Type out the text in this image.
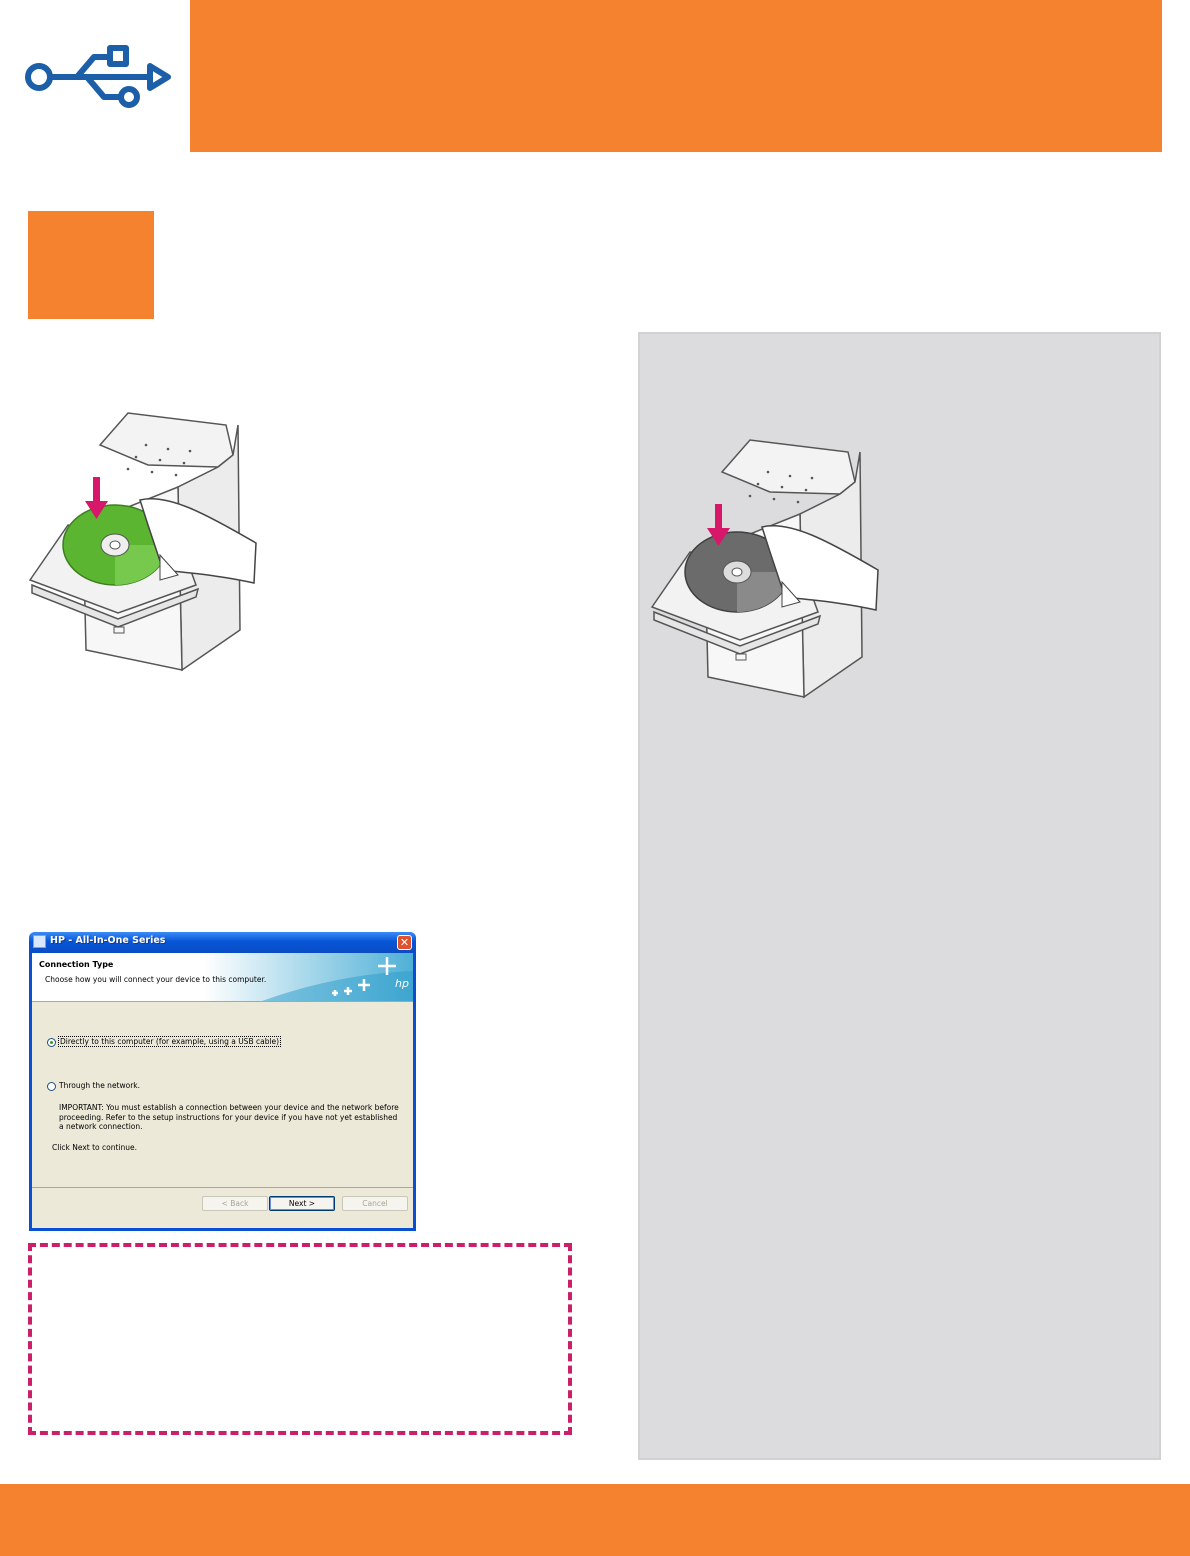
HP - All-In-One Series	✕
Connection Type
Choose how you will connect your device to this computer.	hp
Directly to this computer (for example, using a USB cable)
Through the network.
IMPORTANT: You must establish a connection between your device and the network before proceeding. Refer to the setup instructions for your device if you have not yet established a network connection.
Click Next to continue.
< Back	Next >	Cancel
